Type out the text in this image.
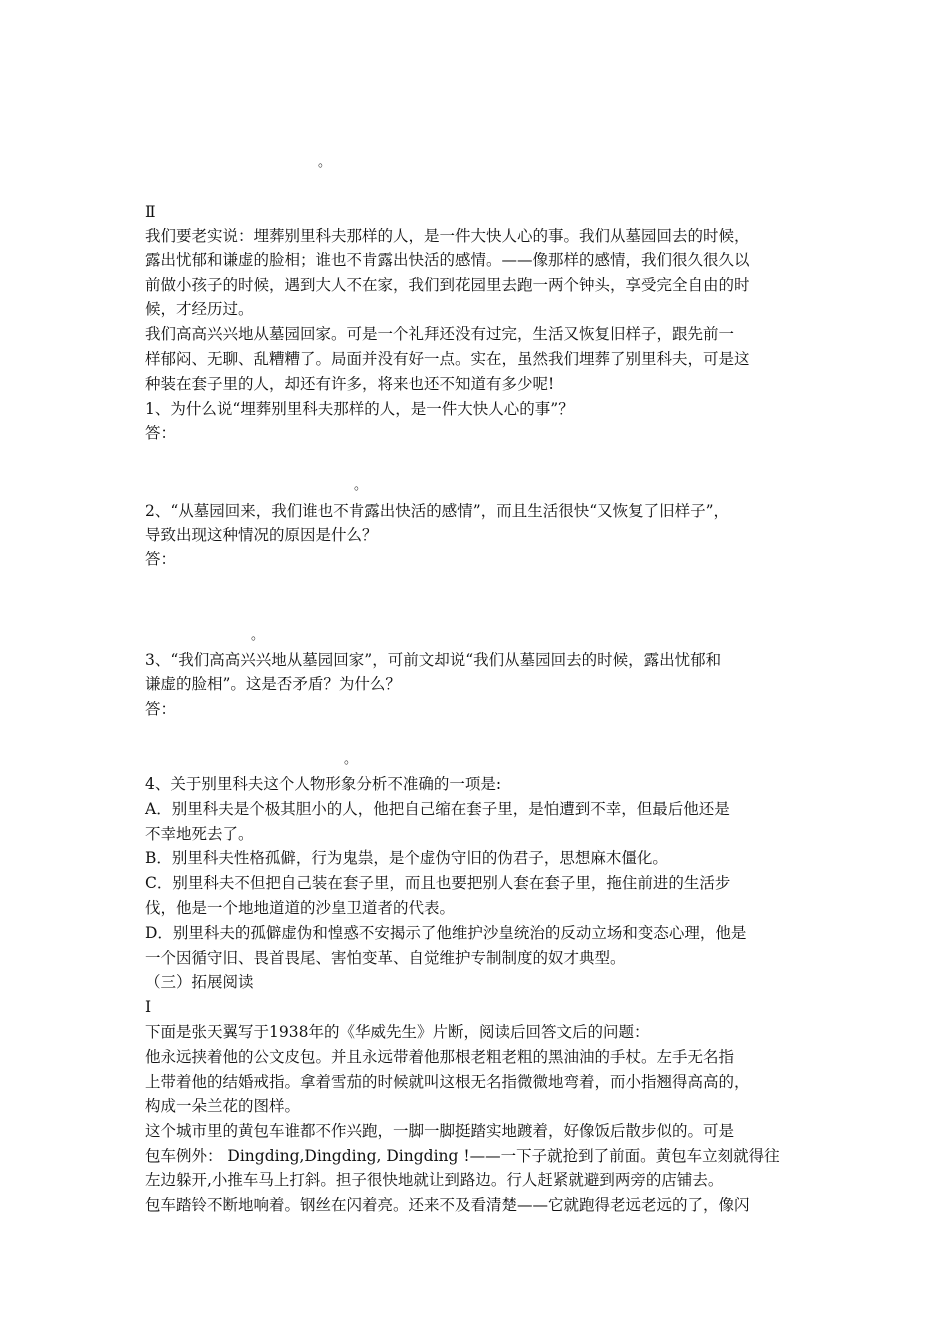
。
Ⅱ
我们要老实说：埋葬别里科夫那样的人，是一件大快人心的事。我们从墓园回去的时候，
露出忧郁和谦虚的脸相；谁也不肯露出快活的感情。——像那样的感情，我们很久很久以
前做小孩子的时候，遇到大人不在家，我们到花园里去跑一两个钟头，享受完全自由的时
候，才经历过。
我们高高兴兴地从墓园回家。可是一个礼拜还没有过完，生活又恢复旧样子，跟先前一
样郁闷、无聊、乱糟糟了。局面并没有好一点。实在，虽然我们埋葬了别里科夫，可是这
种装在套子里的人，却还有许多，将来也还不知道有多少呢!
1、为什么说“埋葬别里科夫那样的人，是一件大快人心的事”？
答：
。
2、“从墓园回来，我们谁也不肯露出快活的感情”，而且生活很快“又恢复了旧样子”，
导致出现这种情况的原因是什么？
答：
。
3、“我们高高兴兴地从墓园回家”，可前文却说“我们从墓园回去的时候，露出忧郁和
谦虚的脸相”。这是否矛盾？为什么？
答：
。
4、关于别里科夫这个人物形象分析不准确的一项是:
A．别里科夫是个极其胆小的人，他把自己缩在套子里，是怕遭到不幸，但最后他还是
不幸地死去了。
B．别里科夫性格孤僻，行为鬼祟，是个虚伪守旧的伪君子，思想麻木僵化。
C．别里科夫不但把自己装在套子里，而且也要把别人套在套子里，拖住前进的生活步
伐，他是一个地地道道的沙皇卫道者的代表。
D．别里科夫的孤僻虚伪和惶惑不安揭示了他维护沙皇统治的反动立场和变态心理，他是
一个因循守旧、畏首畏尾、害怕变革、自觉维护专制制度的奴才典型。
（三）拓展阅读
Ⅰ
下面是张天翼写于1938年的《华威先生》片断，阅读后回答文后的问题：
他永远挟着他的公文皮包。并且永远带着他那根老粗老粗的黑油油的手杖。左手无名指
上带着他的结婚戒指。拿着雪茄的时候就叫这根无名指微微地弯着，而小指翘得高高的，
构成一朵兰花的图样。
这个城市里的黄包车谁都不作兴跑，一脚一脚挺踏实地踱着，好像饭后散步似的。可是
包车例外： Dingding,Dingding, Dingding !——一下子就抢到了前面。黄包车立刻就得往
左边躲开,小推车马上打斜。担子很快地就让到路边。行人赶紧就避到两旁的店铺去。
包车踏铃不断地响着。钢丝在闪着亮。还来不及看清楚——它就跑得老远老远的了，像闪
